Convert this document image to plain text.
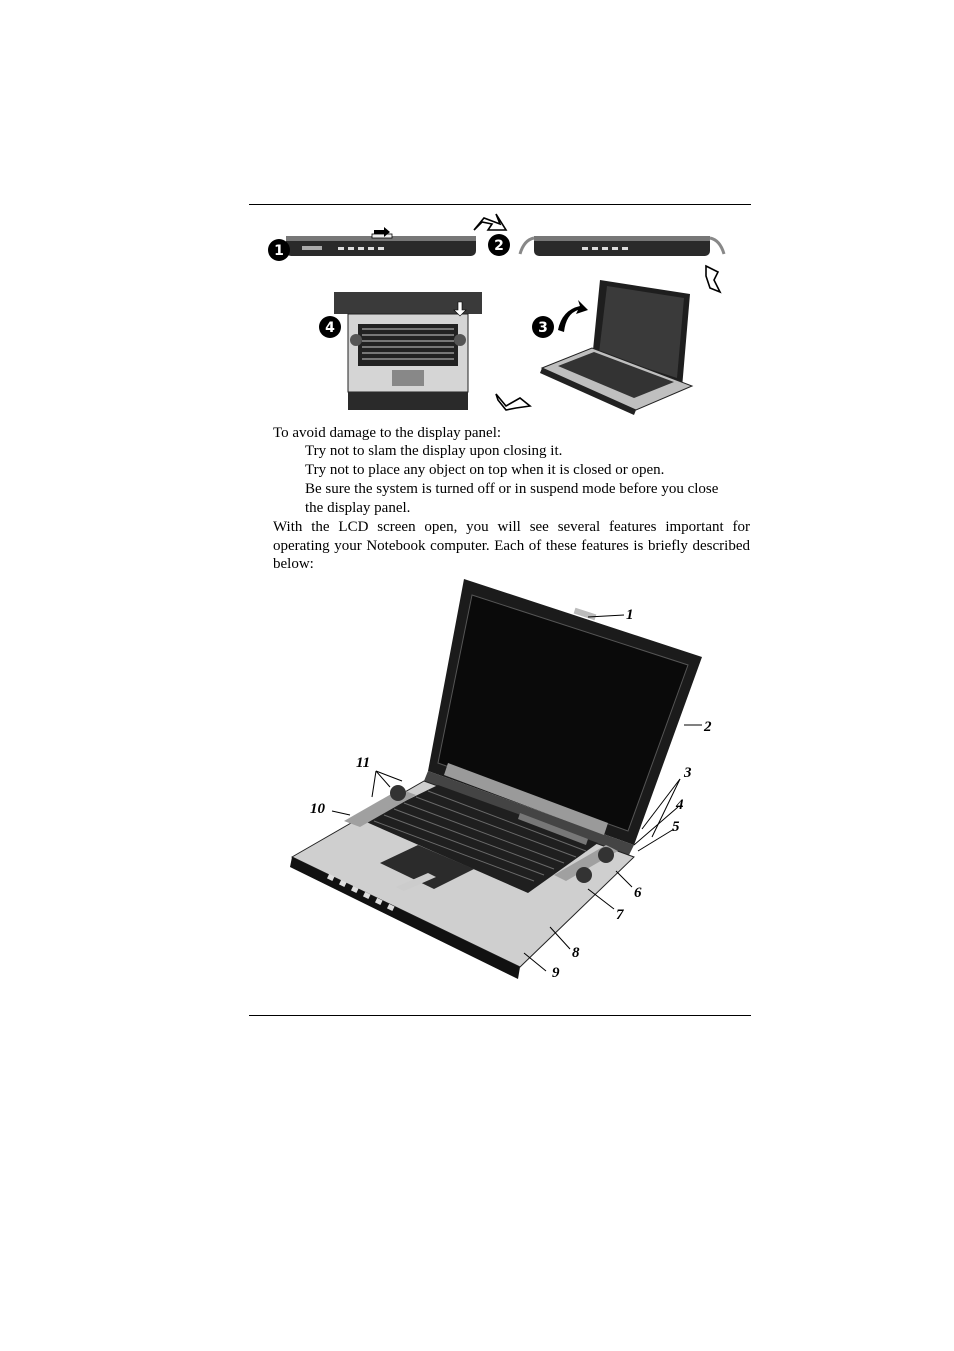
1	2
4	3
To avoid damage to the display panel:
Try not to slam the display upon closing it.
Try not to place any object on top when it is closed or open.
Be sure the system is turned off or in suspend mode before you close the display panel.
With the LCD screen open, you will see several features important for operating your Notebook computer. Each of these features is briefly described below:
1
2
3
4
5
6
7
8
9
10
11
